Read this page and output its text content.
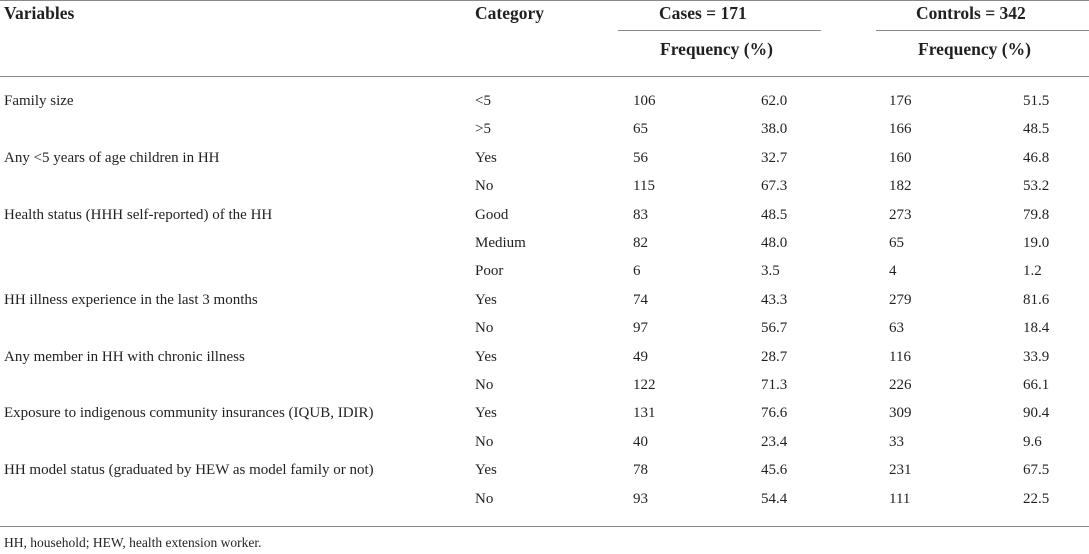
Variables	Category	Cases = 171	Controls = 342
Frequency (%)	Frequency (%)
Family size	<5	106	62.0	176	51.5
>5	65	38.0	166	48.5
Any <5 years of age children in HH	Yes	56	32.7	160	46.8
No	115	67.3	182	53.2
Health status (HHH self-reported) of the HH	Good	83	48.5	273	79.8
Medium	82	48.0	65	19.0
Poor	6	3.5	4	1.2
HH illness experience in the last 3 months	Yes	74	43.3	279	81.6
No	97	56.7	63	18.4
Any member in HH with chronic illness	Yes	49	28.7	116	33.9
No	122	71.3	226	66.1
Exposure to indigenous community insurances (IQUB, IDIR)	Yes	131	76.6	309	90.4
No	40	23.4	33	9.6
HH model status (graduated by HEW as model family or not)	Yes	78	45.6	231	67.5
No	93	54.4	111	22.5
HH, household; HEW, health extension worker.
